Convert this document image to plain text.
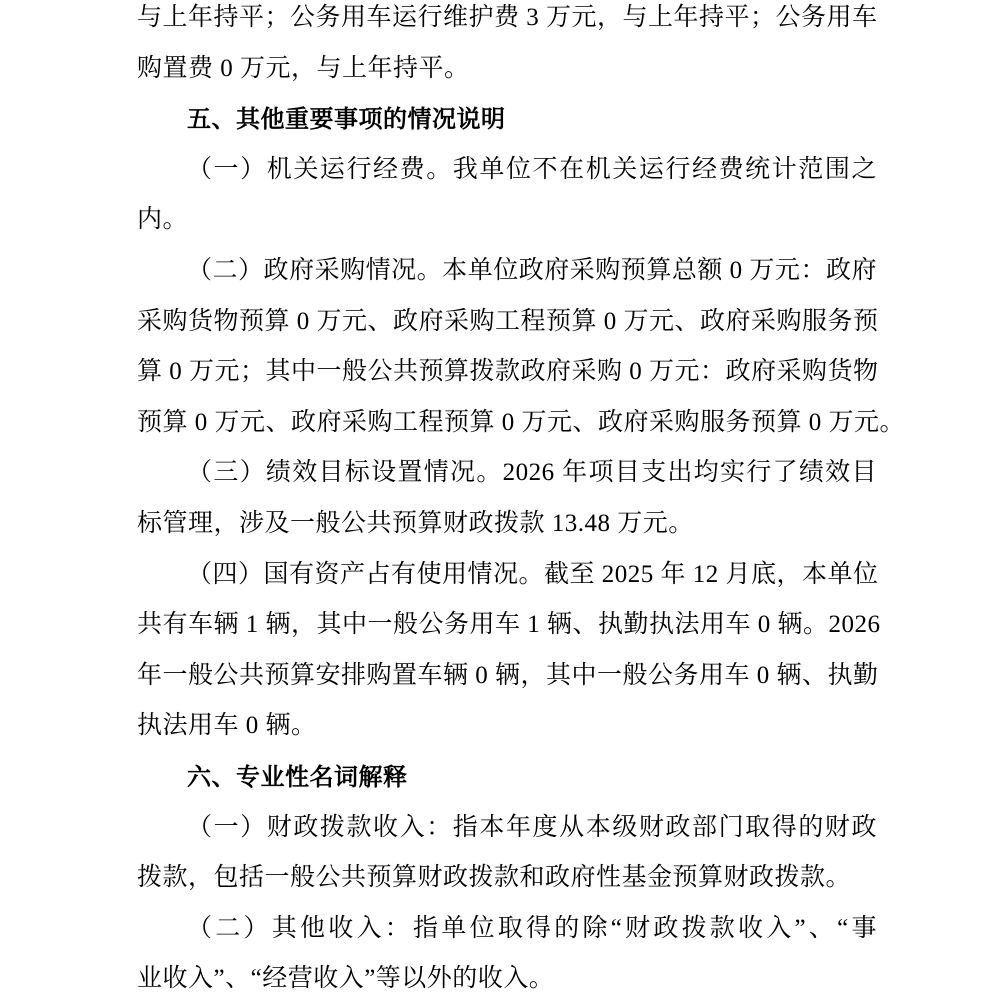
与上年持平；公务用车运行维护费 3 万元，与上年持平；公务用车
购置费 0 万元，与上年持平。
五、其他重要事项的情况说明
（一）机关运行经费。我单位不在机关运行经费统计范围之
内。
（二）政府采购情况。本单位政府采购预算总额 0 万元：政府
采购货物预算 0 万元、政府采购工程预算 0 万元、政府采购服务预
算 0 万元；其中一般公共预算拨款政府采购 0 万元：政府采购货物
预算 0 万元、政府采购工程预算 0 万元、政府采购服务预算 0 万元。
（三）绩效目标设置情况。2026 年项目支出均实行了绩效目
标管理，涉及一般公共预算财政拨款 13.48 万元。
（四）国有资产占有使用情况。截至 2025 年 12 月底，本单位
共有车辆 1 辆，其中一般公务用车 1 辆、执勤执法用车 0 辆。2026
年一般公共预算安排购置车辆 0 辆，其中一般公务用车 0 辆、执勤
执法用车 0 辆。
六、专业性名词解释
（一）财政拨款收入：指本年度从本级财政部门取得的财政
拨款，包括一般公共预算财政拨款和政府性基金预算财政拨款。
（二）其他收入：指单位取得的除“财政拨款收入”、“事
业收入”、“经营收入”等以外的收入。
